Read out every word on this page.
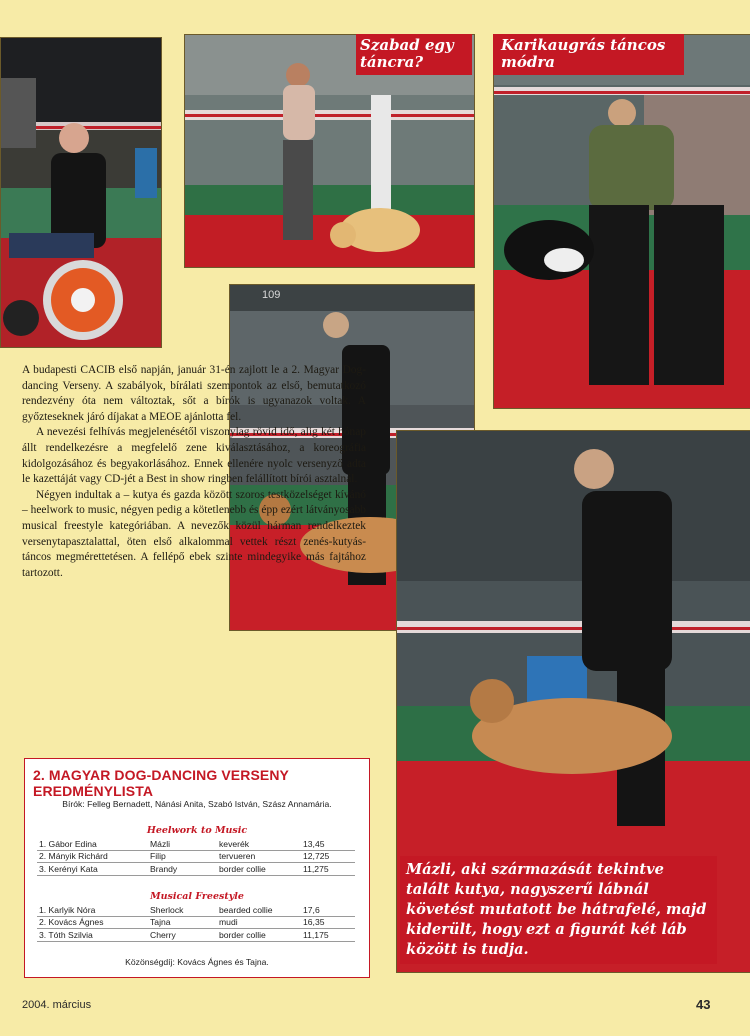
Szabad egy táncra?
Karikaugrás táncos módra
109
Mázli, aki származását tekintve talált kutya, nagyszerű lábnál követést mutatott be hátrafelé, majd kiderült, hogy ezt a figurát két láb között is tudja.

A budapesti CACIB első napján, január 31-én zajlott le a 2. Magyar Dog-dancing Verseny. A szabályok, bírálati szempontok az első, bemutatkozó rendezvény óta nem változtak, sőt a bírók is ugyanazok voltak. A győzteseknek járó díjakat a MEOE ajánlotta fel.

A nevezési felhívás megjelenésétől viszonylag rövid idő, alig két hónap állt rendelkezésre a megfelelő zene kiválasztásához, a koreográfia kidolgozásához és begyakorlásához. Ennek ellenére nyolc versenyző adta le kazettáját vagy CD-jét a Best in show ringben felállított bírói asztalnál.

Négyen indultak a – kutya és gazda között szoros testközelséget kívánó – heelwork to music, négyen pedig a kötetlenebb és épp ezért látványosabb musical freestyle kategóriában. A nevezők közül hárman rendelkeztek versenytapasztalattal, öten első alkalommal vettek részt zenés-kutyás-táncos megmérettetésen. A fellépő ebek szinte mindegyike más fajtához tartozott.

2. MAGYAR DOG-DANCING VERSENY EREDMÉNYLISTA
Bírók: Felleg Bernadett, Nánási Anita, Szabó István, Szász Annamária.
Heelwork to Music
1. Gábor Edina	Mázli	keverék	13,45
2. Mányik Richárd	Filip	tervueren	12,725
3. Kerényi Kata	Brandy	border collie	11,275
Musical Freestyle
1. Karlyik Nóra	Sherlock	bearded collie	17,6
2. Kovács Ágnes	Tajna	mudi	16,35
3. Tóth Szilvia	Cherry	border collie	11,175
Közönségdíj: Kovács Ágnes és Tajna.
2004. március	43
